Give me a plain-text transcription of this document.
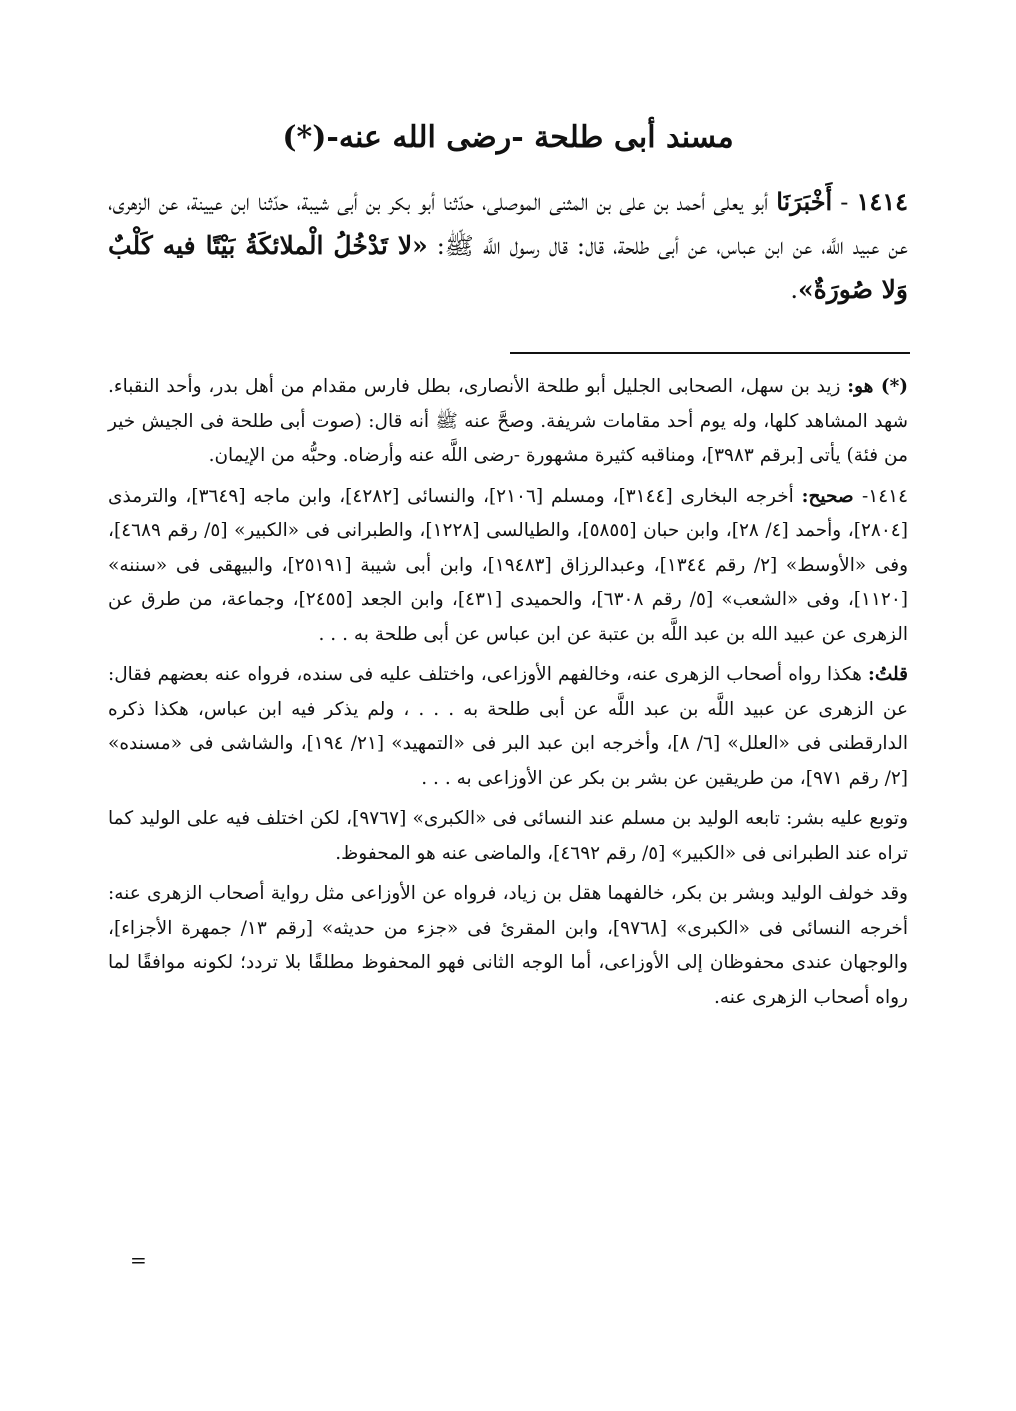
مسند أبى طلحة -رضى الله عنه-(*)
١٤١٤ - أَخْبَرَنَا أبو يعلى أحمد بن على بن المثنى الموصلى، حدّثنا أبو بكر بن أبى شيبة، حدّثنا ابن عيينة، عن الزهرى، عن عبيد اللَّه، عن ابن عباس، عن أبى طلحة، قال: قال رسول اللَّه ﷺ: «لا تَدْخُلُ الْملائكَةُ بَيْتًا فيه كَلْبٌ وَلا صُورَةٌ».

(*) هو: زيد بن سهل، الصحابى الجليل أبو طلحة الأنصارى، بطل فارس مقدام من أهل بدر، وأحد النقباء. شهد المشاهد كلها، وله يوم أحد مقامات شريفة. وصحَّ عنه ﷺ أنه قال: (صوت أبى طلحة فى الجيش خير من فئة) يأتى [برقم ٣٩٨٣]، ومناقبه كثيرة مشهورة -رضى اللَّه عنه وأرضاه. وحبُّه من الإيمان.

١٤١٤- صحيح: أخرجه البخارى [٣١٤٤]، ومسلم [٢١٠٦]، والنسائى [٤٢٨٢]، وابن ماجه [٣٦٤٩]، والترمذى [٢٨٠٤]، وأحمد [٤/ ٢٨]، وابن حبان [٥٨٥٥]، والطيالسى [١٢٢٨]، والطبرانى فى «الكبير» [٥/ رقم ٤٦٨٩]، وفى «الأوسط» [٢/ رقم ١٣٤٤]، وعبدالرزاق [١٩٤٨٣]، وابن أبى شيبة [٢٥١٩١]، والبيهقى فى «سننه» [١١٢٠]، وفى «الشعب» [٥/ رقم ٦٣٠٨]، والحميدى [٤٣١]، وابن الجعد [٢٤٥٥]، وجماعة، من طرق عن الزهرى عن عبيد الله بن عبد اللَّه بن عتبة عن ابن عباس عن أبى طلحة به . . .

قلتُ: هكذا رواه أصحاب الزهرى عنه، وخالفهم الأوزاعى، واختلف عليه فى سنده، فرواه عنه بعضهم فقال: عن الزهرى عن عبيد اللَّه بن عبد اللَّه عن أبى طلحة به . . . ، ولم يذكر فيه ابن عباس، هكذا ذكره الدارقطنى فى «العلل» [٦/ ٨]، وأخرجه ابن عبد البر فى «التمهيد» [٢١/ ١٩٤]، والشاشى فى «مسنده» [٢/ رقم ٩٧١]، من طريقين عن بشر بن بكر عن الأوزاعى به . . .

وتوبع عليه بشر: تابعه الوليد بن مسلم عند النسائى فى «الكبرى» [٩٧٦٧]، لكن اختلف فيه على الوليد كما تراه عند الطبرانى فى «الكبير» [٥/ رقم ٤٦٩٢]، والماضى عنه هو المحفوظ.

وقد خولف الوليد وبشر بن بكر، خالفهما هقل بن زياد، فرواه عن الأوزاعى مثل رواية أصحاب الزهرى عنه: أخرجه النسائى فى «الكبرى» [٩٧٦٨]، وابن المقرئ فى «جزء من حديثه» [رقم ١٣/ جمهرة الأجزاء]، والوجهان عندى محفوظان إلى الأوزاعى، أما الوجه الثانى فهو المحفوظ مطلقًا بلا تردد؛ لكونه موافقًا لما رواه أصحاب الزهرى عنه.

=
